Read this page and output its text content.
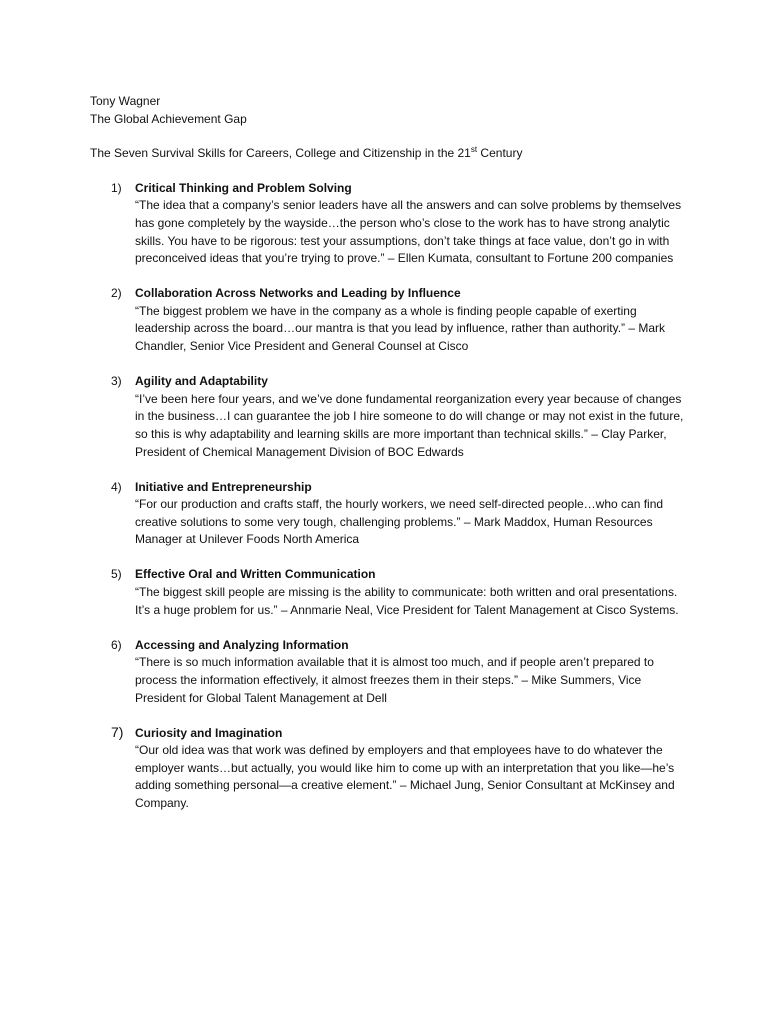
Tony Wagner
The Global Achievement Gap
The Seven Survival Skills for Careers, College and Citizenship in the 21st Century
1)	Critical Thinking and Problem Solving
“The idea that a company’s senior leaders have all the answers and can solve problems by themselves has gone completely by the wayside…the person who’s close to the work has to have strong analytic skills. You have to be rigorous: test your assumptions, don’t take things at face value, don’t go in with preconceived ideas that you’re trying to prove.” – Ellen Kumata, consultant to Fortune 200 companies
2)	Collaboration Across Networks and Leading by Influence
“The biggest problem we have in the company as a whole is finding people capable of exerting leadership across the board…our mantra is that you lead by influence, rather than authority.” – Mark Chandler, Senior Vice President and General Counsel at Cisco
3)	Agility and Adaptability
“I’ve been here four years, and we’ve done fundamental reorganization every year because of changes in the business…I can guarantee the job I hire someone to do will change or may not exist in the future, so this is why adaptability and learning skills are more important than technical skills.” – Clay Parker, President of Chemical Management Division of BOC Edwards
4)	Initiative and Entrepreneurship
“For our production and crafts staff, the hourly workers, we need self-directed people…who can find creative solutions to some very tough, challenging problems.” – Mark Maddox, Human Resources Manager at Unilever Foods North America
5)	Effective Oral and Written Communication
“The biggest skill people are missing is the ability to communicate: both written and oral presentations. It’s a huge problem for us.” – Annmarie Neal, Vice President for Talent Management at Cisco Systems.
6)	Accessing and Analyzing Information
“There is so much information available that it is almost too much, and if people aren’t prepared to process the information effectively, it almost freezes them in their steps.” – Mike Summers, Vice President for Global Talent Management at Dell
7) Curiosity and Imagination
“Our old idea was that work was defined by employers and that employees have to do whatever the employer wants…but actually, you would like him to come up with an interpretation that you like—he’s adding something personal—a creative element.” – Michael Jung, Senior Consultant at McKinsey and Company.
